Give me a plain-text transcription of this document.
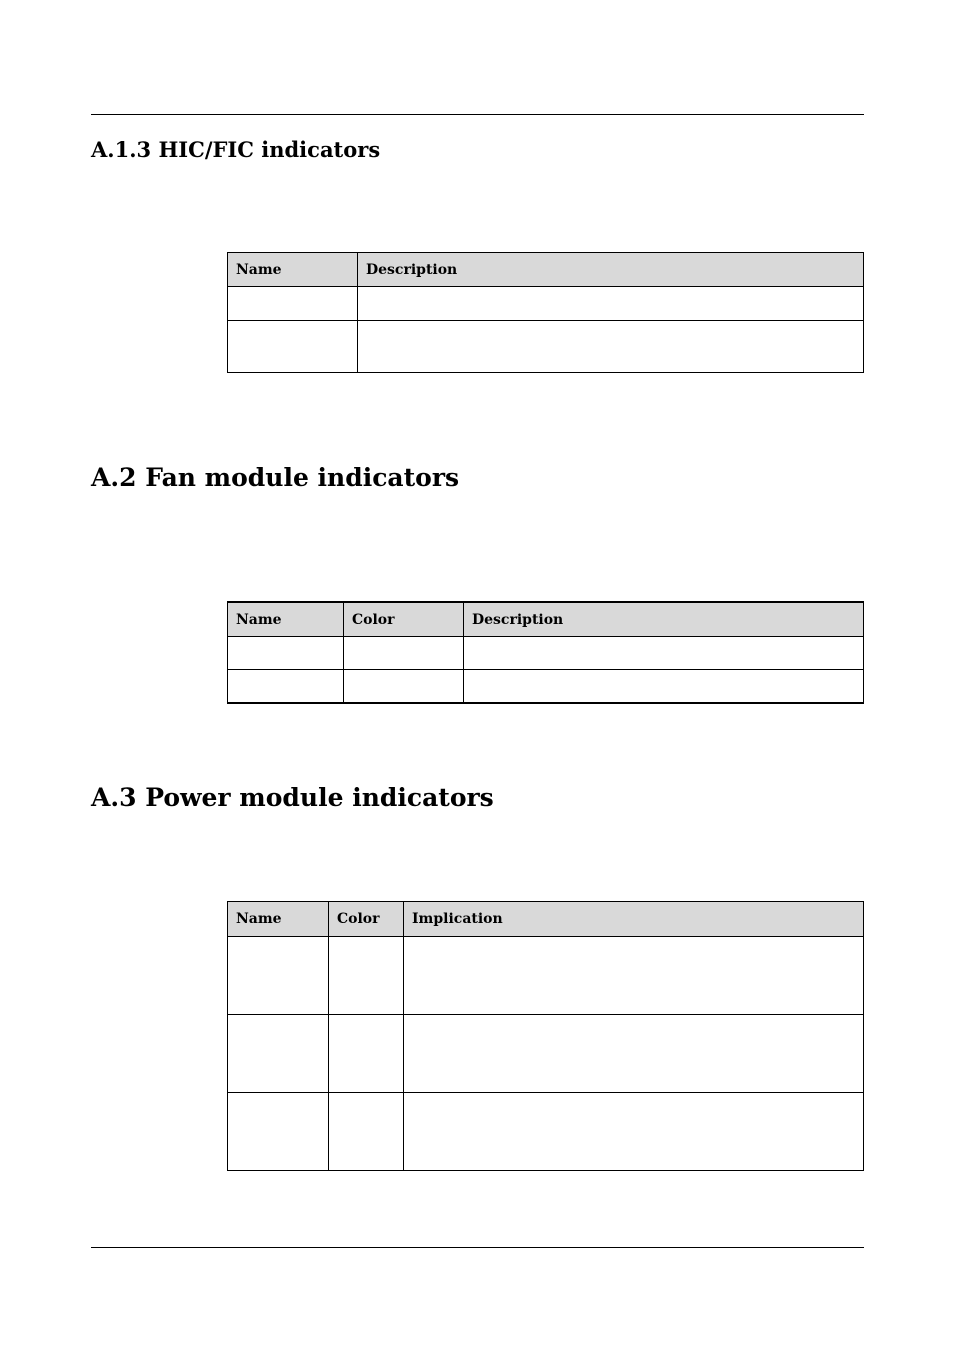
A.1.3 HIC/FIC indicators
Name	Description

A.2 Fan module indicators
Name	Color	Description

A.3 Power module indicators
Name	Color	Implication
